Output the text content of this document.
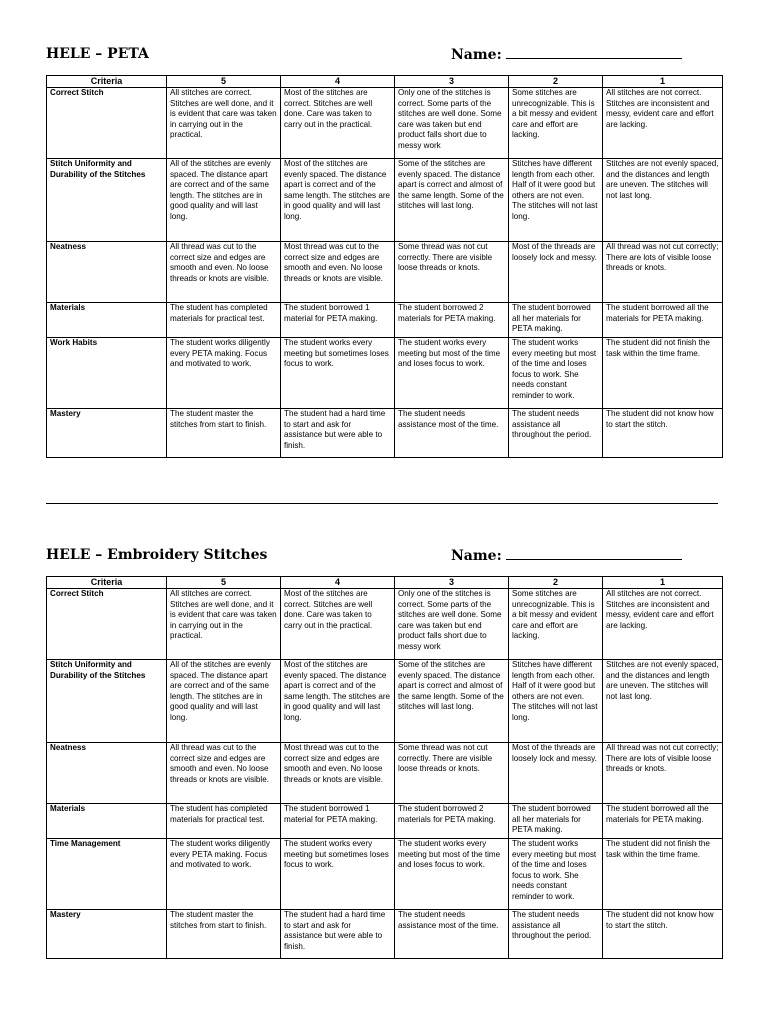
HELE – PETA	Name:
Criteria	5	4	3	2	1
Correct Stitch	All stitches are correct. Stitches are well done, and it is evident that care was taken in carrying out in the practical.	Most of the stitches are correct. Stitches are well done. Care was taken to carry out in the practical.	Only one of the stitches is correct. Some parts of the stitches are well done. Some care was taken but end product falls short due to messy work	Some stitches are unrecognizable. This is a bit messy and evident care and effort are lacking.	All stitches are not correct. Stitches are inconsistent and messy, evident care and effort are lacking.
Stitch Uniformity and Durability of the Stitches	All of the stitches are evenly spaced. The distance apart are correct and of the same length. The stitches are in good quality and will last long.	Most of the stitches are evenly spaced. The distance apart is correct and of the same length. The stitches are in good quality and will last long.	Some of the stitches are evenly spaced. The distance apart is correct and almost of the same length. Some of the stitches will last long.	Stitches have different length from each other. Half of it were good but others are not even. The stitches will not last long.	Stitches are not evenly spaced, and the distances and length are uneven. The stitches will not last long.
Neatness	All thread was cut to the correct size and edges are smooth and even. No loose threads or knots are visible.	Most thread was cut to the correct size and edges are smooth and even. No loose threads or knots are visible.	Some thread was not cut correctly. There are visible loose threads or knots.	Most of the threads are loosely lock and messy.	All thread was not cut correctly; There are lots of visible loose threads or knots.
Materials	The student has completed materials for practical test.	The student borrowed 1 material for PETA making.	The student borrowed 2 materials for PETA making.	The student borrowed all her materials for PETA making.	The student borrowed all the materials for PETA making.
Work Habits	The student works diligently every PETA making. Focus and motivated to work.	The student works every meeting but sometimes loses focus to work.	The student works every meeting but most of the time and loses focus to work.	The student works every meeting but most of the time and loses focus to work. She needs constant reminder to work.	The student did not finish the task within the time frame.
Mastery	The student master the stitches from start to finish.	The student had a hard time to start and ask for assistance but were able to finish.	The student needs assistance most of the time.	The student needs assistance all throughout the period.	The student did not know how to start the stitch.
HELE – Embroidery Stitches	Name:
Criteria	5	4	3	2	1
Correct Stitch	All stitches are correct. Stitches are well done, and it is evident that care was taken in carrying out in the practical.	Most of the stitches are correct. Stitches are well done. Care was taken to carry out in the practical.	Only one of the stitches is correct. Some parts of the stitches are well done. Some care was taken but end product falls short due to messy work	Some stitches are unrecognizable. This is a bit messy and evident care and effort are lacking.	All stitches are not correct. Stitches are inconsistent and messy, evident care and effort are lacking.
Stitch Uniformity and Durability of the Stitches	All of the stitches are evenly spaced. The distance apart are correct and of the same length. The stitches are in good quality and will last long.	Most of the stitches are evenly spaced. The distance apart is correct and of the same length. The stitches are in good quality and will last long.	Some of the stitches are evenly spaced. The distance apart is correct and almost of the same length. Some of the stitches will last long.	Stitches have different length from each other. Half of it were good but others are not even. The stitches will not last long.	Stitches are not evenly spaced, and the distances and length are uneven. The stitches will not last long.
Neatness	All thread was cut to the correct size and edges are smooth and even. No loose threads or knots are visible.	Most thread was cut to the correct size and edges are smooth and even. No loose threads or knots are visible.	Some thread was not cut correctly. There are visible loose threads or knots.	Most of the threads are loosely lock and messy.	All thread was not cut correctly; There are lots of visible loose threads or knots.
Materials	The student has completed materials for practical test.	The student borrowed 1 material for PETA making.	The student borrowed 2 materials for PETA making.	The student borrowed all her materials for PETA making.	The student borrowed all the materials for PETA making.
Time Management	The student works diligently every PETA making. Focus and motivated to work.	The student works every meeting but sometimes loses focus to work.	The student works every meeting but most of the time and loses focus to work.	The student works every meeting but most of the time and loses focus to work. She needs constant reminder to work.	The student did not finish the task within the time frame.
Mastery	The student master the stitches from start to finish.	The student had a hard time to start and ask for assistance but were able to finish.	The student needs assistance most of the time.	The student needs assistance all throughout the period.	The student did not know how to start the stitch.
